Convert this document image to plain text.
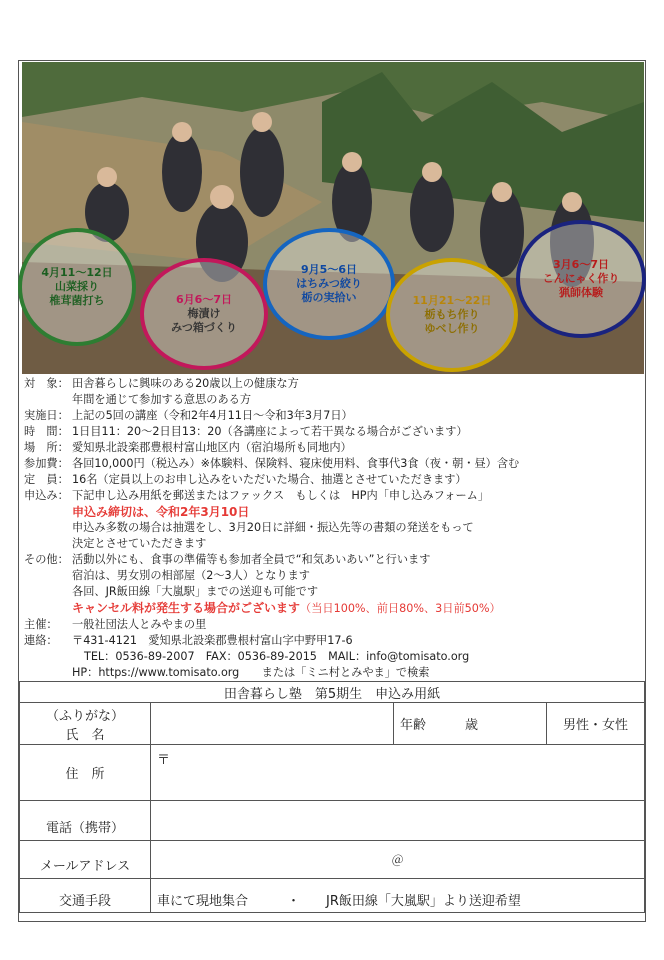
4月11～12日
山菜採り
椎茸菌打ち	6月6～7日
梅漬け
みつ箱づくり
9月5～6日
はちみつ絞り
栃の実拾い	11月21～22日
栃もち作り
ゆべし作り
3月6～7日
こんにゃく作り
猟師体験
対　象： 田舎暮らしに興味のある20歳以上の健康な方
年間を通じて参加する意思のある方
実施日： 上記の5回の講座（令和2年4月11日～令和3年3月7日）
時　間： 1日目11：20～2日目13：20（各講座によって若干異なる場合がございます）
場　所： 愛知県北設楽郡豊根村富山地区内（宿泊場所も同地内）
参加費： 各回10,000円（税込み）※体験料、保険料、寝床使用料、食事代3食（夜・朝・昼）含む
定　員： 16名（定員以上のお申し込みをいただいた場合、抽選とさせていただきます）
申込み： 下記申し込み用紙を郵送またはファックス　もしくは　HP内「申し込みフォーム」
申込み締切は、令和2年3月10日
申込み多数の場合は抽選をし、3月20日に詳細・振込先等の書類の発送をもって
決定とさせていただきます
その他： 活動以外にも、食事の準備等も参加者全員で“和気あいあい”と行います
宿泊は、男女別の相部屋（2～3人）となります
各回、JR飯田線「大嵐駅」までの送迎も可能です
キャンセル料が発生する場合がございます（当日100%、前日80%、3日前50%）
主催：	一般社団法人とみやまの里
連絡：	〒431-4121　愛知県北設楽郡豊根村富山字中野甲17-6
TEL：0536-89-2007　FAX：0536-89-2015　MAIL：info@tomisato.org
HP：https://www.tomisato.org　　または「ミニ村とみやま」で検索
田舎暮らし塾　第5期生　申込み用紙			

（ふりがな）
氏　名		年齢　　　歳	男性・女性
住　所	〒		
電話（携帯）			
メールアドレス	＠		
交通手段	車にて現地集合　　　・　　JR飯田線「大嵐駅」より送迎希望		
